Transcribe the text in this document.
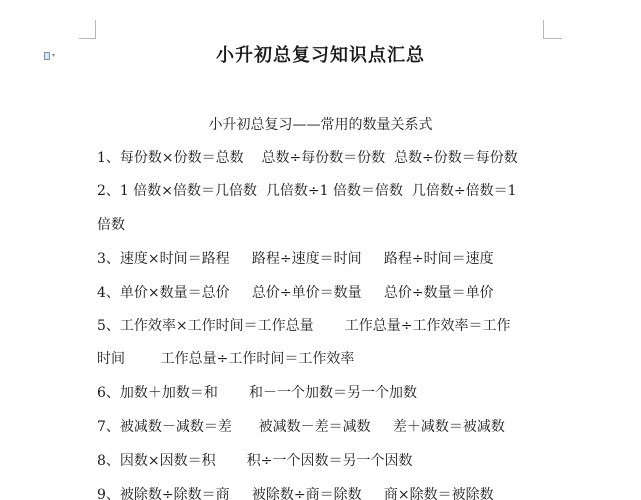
▾	小升初总复习知识点汇总
小升初总复习——常用的数量关系式
1、每份数×份数＝总数    总数÷每份数＝份数  总数÷份数＝每份数
2、1 倍数×倍数＝几倍数  几倍数÷1 倍数＝倍数  几倍数÷倍数＝1
倍数
3、速度×时间＝路程     路程÷速度＝时间     路程÷时间＝速度
4、单价×数量＝总价     总价÷单价＝数量     总价÷数量＝单价
5、工作效率×工作时间＝工作总量       工作总量÷工作效率＝工作
时间        工作总量÷工作时间＝工作效率
6、加数＋加数＝和       和－一个加数＝另一个加数
7、被减数－减数＝差      被减数－差＝减数     差＋减数＝被减数
8、因数×因数＝积       积÷一个因数＝另一个因数
9、被除数÷除数＝商     被除数÷商＝除数     商×除数＝被除数
